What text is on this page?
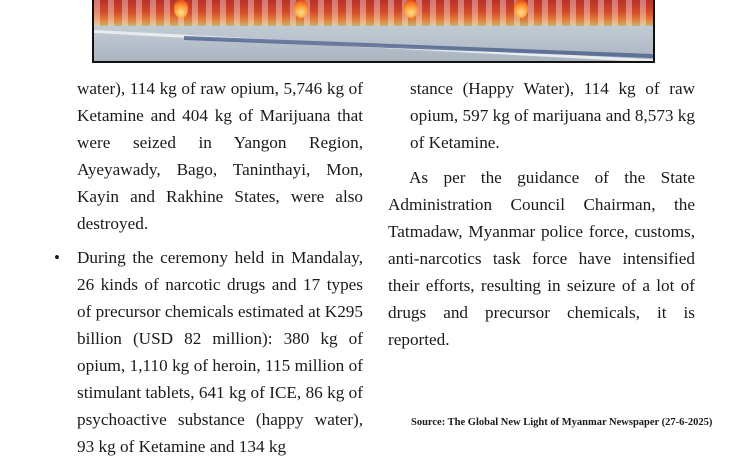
water), 114 kg of raw opium, 5,746 kg of Ketamine and 404 kg of Marijuana that were seized in Yangon Region, Ayeyawady, Bago, Taninthayi, Mon, Kayin and Rakhine States, were also destroyed.

• During the ceremony held in Mandalay, 26 kinds of narcotic drugs and 17 types of precursor chemicals estimated at K295 billion (USD 82 million): 380 kg of opium, 1,110 kg of heroin, 115 million of stimulant tablets, 641 kg of ICE, 86 kg of psychoactive substance (happy water), 93 kg of Ketamine and 134 kg

stance (Happy Water), 114 kg of raw opium, 597 kg of marijuana and 8,573 kg of Ketamine.

As per the guidance of the State Administration Council Chairman, the Tatmadaw, Myanmar police force, customs, anti-narcotics task force have intensified their efforts, resulting in seizure of a lot of drugs and precursor chemicals, it is reported.

Source: The Global New Light of Myanmar Newspaper (27-6-2025)
